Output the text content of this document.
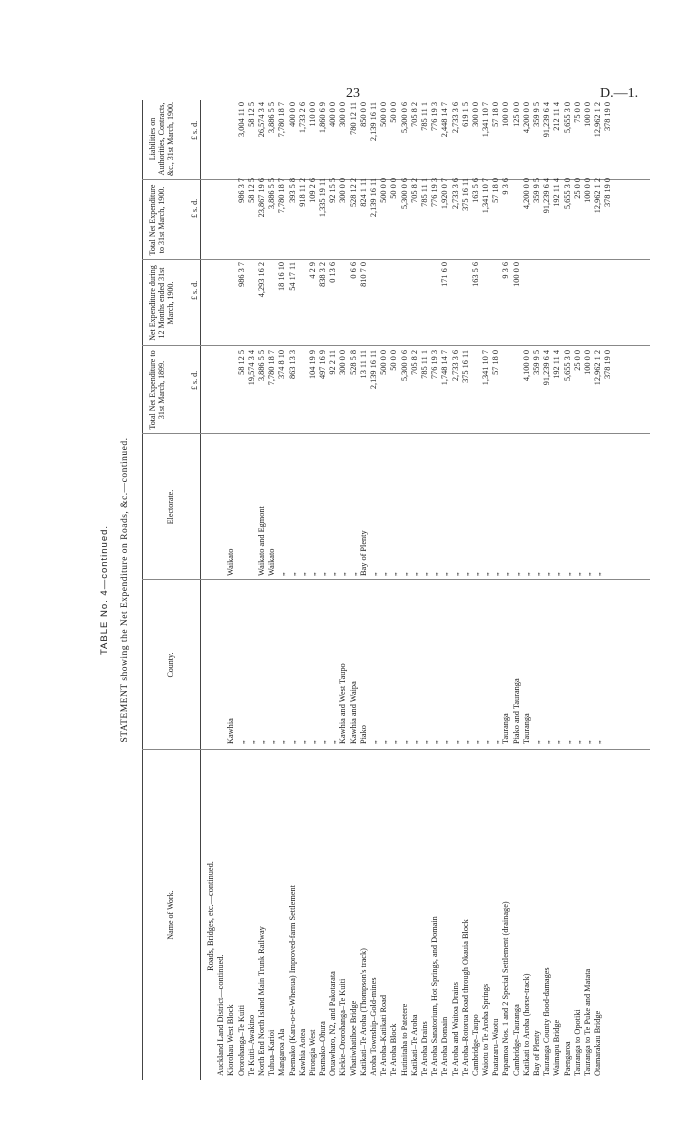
23	D.—1.
TABLE No. 4—continued. STATEMENT showing the Net Expenditure on Roads, &c.—continued.
Name of Work.
County.
Electorate.
Total Net Expenditure to 31st March, 1899.
Net Expenditure during 12 Months ended 31st March, 1900.
Total Net Expenditure to 31st March, 1900.
Liabilities on Authorities, Contracts, &c., 31st March, 1900.
£ s. d.
£ s. d.
£ s. d.
£ s. d.
Roads, Bridges, etc.—continued.
Auckland Land District—continued. Kiorohau West Block
Kawhia
Waikato
Ororohanga–Te Kuiti
„
58 12 5
986 3 7
986 3 7
3,004 11 0
Te Kuiti–Awakino
„
19,574 3 4
58 12 5
58 12 5
North End North Island Main Trunk Railway
„
Waikato and Egmont
3,886 5 5
4,293 16 2
23,867 19 6
26,574 3 4
Tuhua–Karioi
„
Waikato
7,780 18 7
3,886 5 5
3,886 5 5
Mangaroa Ala
„
„
374 8 10
18 16 10
7,780 18 7
7,780 18 7
Paemako (Karu-o-te-Whenua) Improved-farm Settlement
„
„
863 13 3
54 17 11
393 5 8
400 0 0
Kawhia Aotea
„
„
918 11 2
1,733 2 6
Pirongia West
„
„
104 19 9
4 2 9
109 2 6
110 0 0
Pasmako–Ohura
„
„
497 16 9
838 3 2
1,335 19 11
1,860 6 9
Oruawharo, N2, and Pakotarata
„
„
92 2 11
0 13 6
92 15 5
400 0 0
Kiekie–Ororohanga–Te Kuiti
Kawhia and West Taupo
„
300 0 0
300 0 0
300 0 0
Whatiwhatihoe Bridge
Kawhia and Waipa
„
528 5 8
0 6 6
528 12 2
780 12 11
Katikati–Te Aroha (Thompson's track)
Piako
Bay of Plenty
13 11 11
810 7 0
824 1 11
850 0 0
Aroha Township–Gold-mines
„
„
2,139 16 11
2,139 16 11
2,139 16 11
Te Aroha–Katikati Road
„
„
500 0 0
500 0 0
500 0 0
Te Aroha Block
„
„
50 0 0
50 0 0
50 0 0
Hutinitaha to Patetere
„
„
5,300 0 6
5,300 0 6
5,300 0 6
Katikati–Te Aroha
„
„
705 8 2
705 8 2
705 8 2
Te Aroha Drains
„
„
785 11 1
785 11 1
785 11 1
Te Aroha Sanatorium, Hot Springs, and Domain
„
„
776 19 3
776 19 3
776 19 3
Te Aroha Domain
„
„
1,748 14 7
171 6 0
1,920 0 7
2,448 14 7
Te Aroha and Waitoa Drains
„
„
2,733 3 6
2,733 3 6
2,733 3 6
Te Aroha–Rotorua Road through Okauia Block
„
„
375 16 11
375 16 11
619 1 5
Cambridge–Taupo
„
„
163 5 6
163 5 6
300 0 0
Waiotu to Te Aroha Springs
„
„
1,341 10 7
1,341 10 7
1,341 10 7
Puatararu–Waotu
„
„
57 18 0
57 18 0
57 18 0
Papamoa Nos. 1 and 2 Special Settlement (drainage)
Tauranga
„
9 3 6
9 3 6
100 0 0
Cambridge–Tauranga
Piako and Tauranga
„
100 0 0
125 0 0
Katikati to Aroha (horse-track)
Tauranga
„
4,100 0 0
4,200 0 0
4,200 0 0
Bay of Plenty
„
„
359 9 5
359 9 5
359 9 5
Tauranga County flood-damages
„
„
91,239 6 4
91,239 6 4
91,239 6 4
Waimapu Bridge
„
„
192 11 4
192 11 4
212 11 4
Paengaroa
„
„
5,655 3 0
5,655 3 0
5,655 3 0
Tauranga to Opotiki
„
„
25 0 0
25 0 0
75 0 0
Tauranga to Te Puke and Matata
„
„
100 0 0
100 0 0
100 0 0
Otamarakau Bridge
„
„
12,962 1 2
12,962 1 2
12,962 1 2
378 19 0
378 19 0
378 19 0
